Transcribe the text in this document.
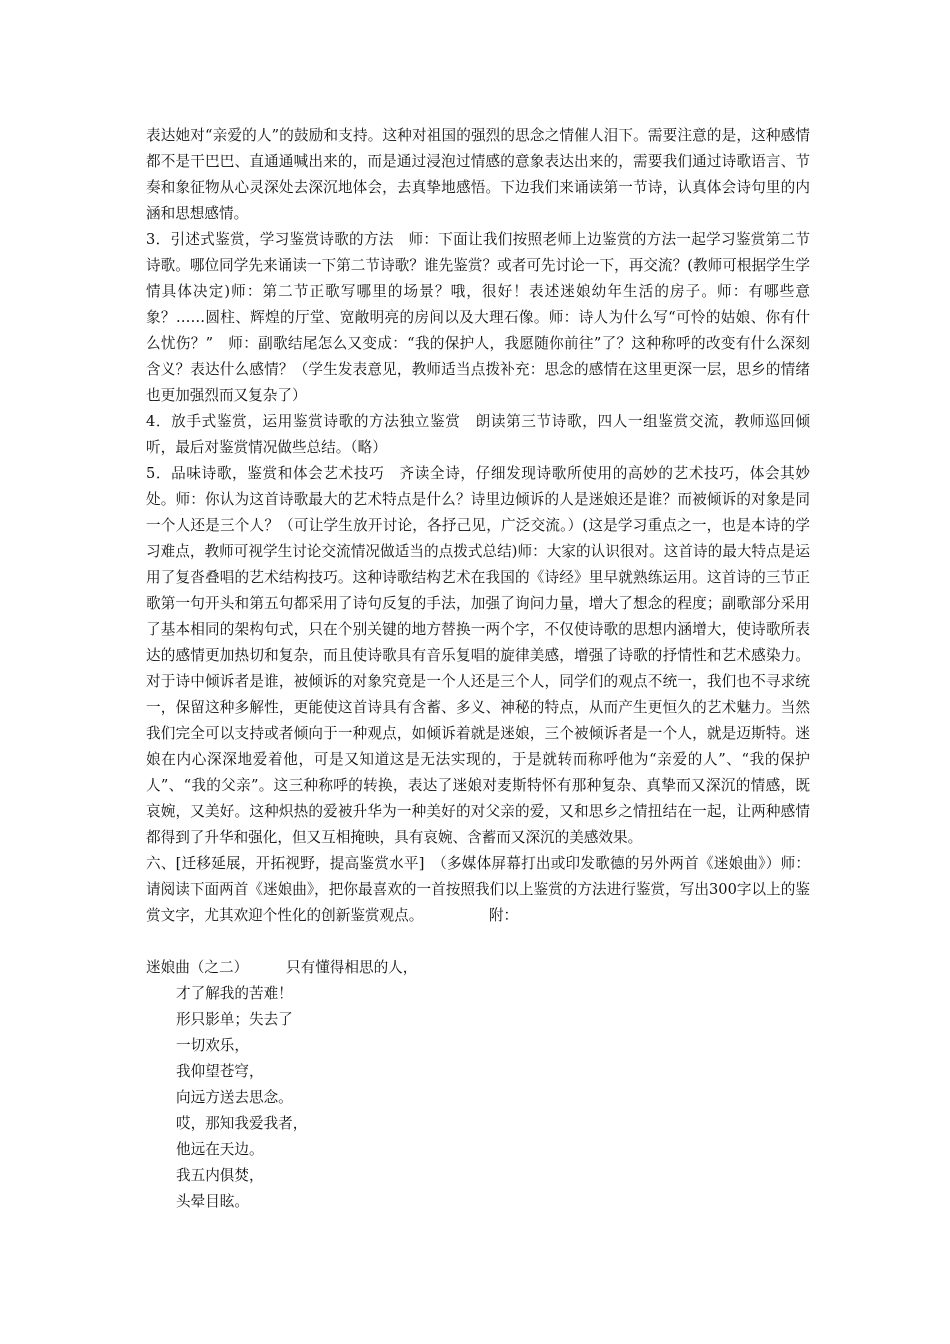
表达她对“亲爱的人”的鼓励和支持。这种对祖国的强烈的思念之情催人泪下。需要注意的是，这种感情都不是干巴巴、直通通喊出来的，而是通过浸泡过情感的意象表达出来的，需要我们通过诗歌语言、节奏和象征物从心灵深处去深沉地体会，去真挚地感悟。下边我们来诵读第一节诗，认真体会诗句里的内涵和思想感情。

3．引述式鉴赏，学习鉴赏诗歌的方法　师：下面让我们按照老师上边鉴赏的方法一起学习鉴赏第二节诗歌。哪位同学先来诵读一下第二节诗歌？谁先鉴赏？或者可先讨论一下，再交流？(教师可根据学生学情具体决定)师：第二节正歌写哪里的场景？哦，很好！表述迷娘幼年生活的房子。师：有哪些意象？……圆柱、辉煌的厅堂、宽敞明亮的房间以及大理石像。师：诗人为什么写“可怜的姑娘、你有什么忧伤？”　师：副歌结尾怎么又变成：“我的保护人，我愿随你前往”了？这种称呼的改变有什么深刻含义？表达什么感情？（学生发表意见，教师适当点拨补充：思念的感情在这里更深一层，思乡的情绪也更加强烈而又复杂了）

4．放手式鉴赏，运用鉴赏诗歌的方法独立鉴赏　朗读第三节诗歌，四人一组鉴赏交流，教师巡回倾听，最后对鉴赏情况做些总结。（略）

5．品味诗歌，鉴赏和体会艺术技巧　齐读全诗，仔细发现诗歌所使用的高妙的艺术技巧，体会其妙处。师：你认为这首诗歌最大的艺术特点是什么？诗里边倾诉的人是迷娘还是谁？而被倾诉的对象是同一个人还是三个人？（可让学生放开讨论，各抒己见，广泛交流。）(这是学习重点之一，也是本诗的学习难点，教师可视学生讨论交流情况做适当的点拨式总结)师：大家的认识很对。这首诗的最大特点是运用了复沓叠唱的艺术结构技巧。这种诗歌结构艺术在我国的《诗经》里早就熟练运用。这首诗的三节正歌第一句开头和第五句都采用了诗句反复的手法，加强了询问力量，增大了想念的程度；副歌部分采用了基本相同的架构句式，只在个别关键的地方替换一两个字，不仅使诗歌的思想内涵增大，使诗歌所表达的感情更加热切和复杂，而且使诗歌具有音乐复唱的旋律美感，增强了诗歌的抒情性和艺术感染力。对于诗中倾诉者是谁，被倾诉的对象究竟是一个人还是三个人，同学们的观点不统一，我们也不寻求统一，保留这种多解性，更能使这首诗具有含蓄、多义、神秘的特点，从而产生更恒久的艺术魅力。当然我们完全可以支持或者倾向于一种观点，如倾诉着就是迷娘，三个被倾诉者是一个人，就是迈斯特。迷娘在内心深深地爱着他，可是又知道这是无法实现的，于是就转而称呼他为“亲爱的人”、“我的保护人”、“我的父亲”。这三种称呼的转换，表达了迷娘对麦斯特怀有那种复杂、真挚而又深沉的情感，既哀婉，又美好。这种炽热的爱被升华为一种美好的对父亲的爱，又和思乡之情扭结在一起，让两种感情都得到了升华和强化，但又互相掩映，具有哀婉、含蓄而又深沉的美感效果。

六、[迁移延展，开拓视野，提高鉴赏水平]　（多媒体屏幕打出或印发歌德的另外两首《迷娘曲》）师：请阅读下面两首《迷娘曲》，把你最喜欢的一首按照我们以上鉴赏的方法进行鉴赏，写出300字以上的鉴赏文字，尤其欢迎个性化的创新鉴赏观点。　　　　　附：

迷娘曲（之二）	只有懂得相思的人，

才了解我的苦难！

形只影单；失去了

一切欢乐，

我仰望苍穹，

向远方送去思念。

哎，那知我爱我者，

他远在天边。

我五内俱焚，

头晕目眩。
